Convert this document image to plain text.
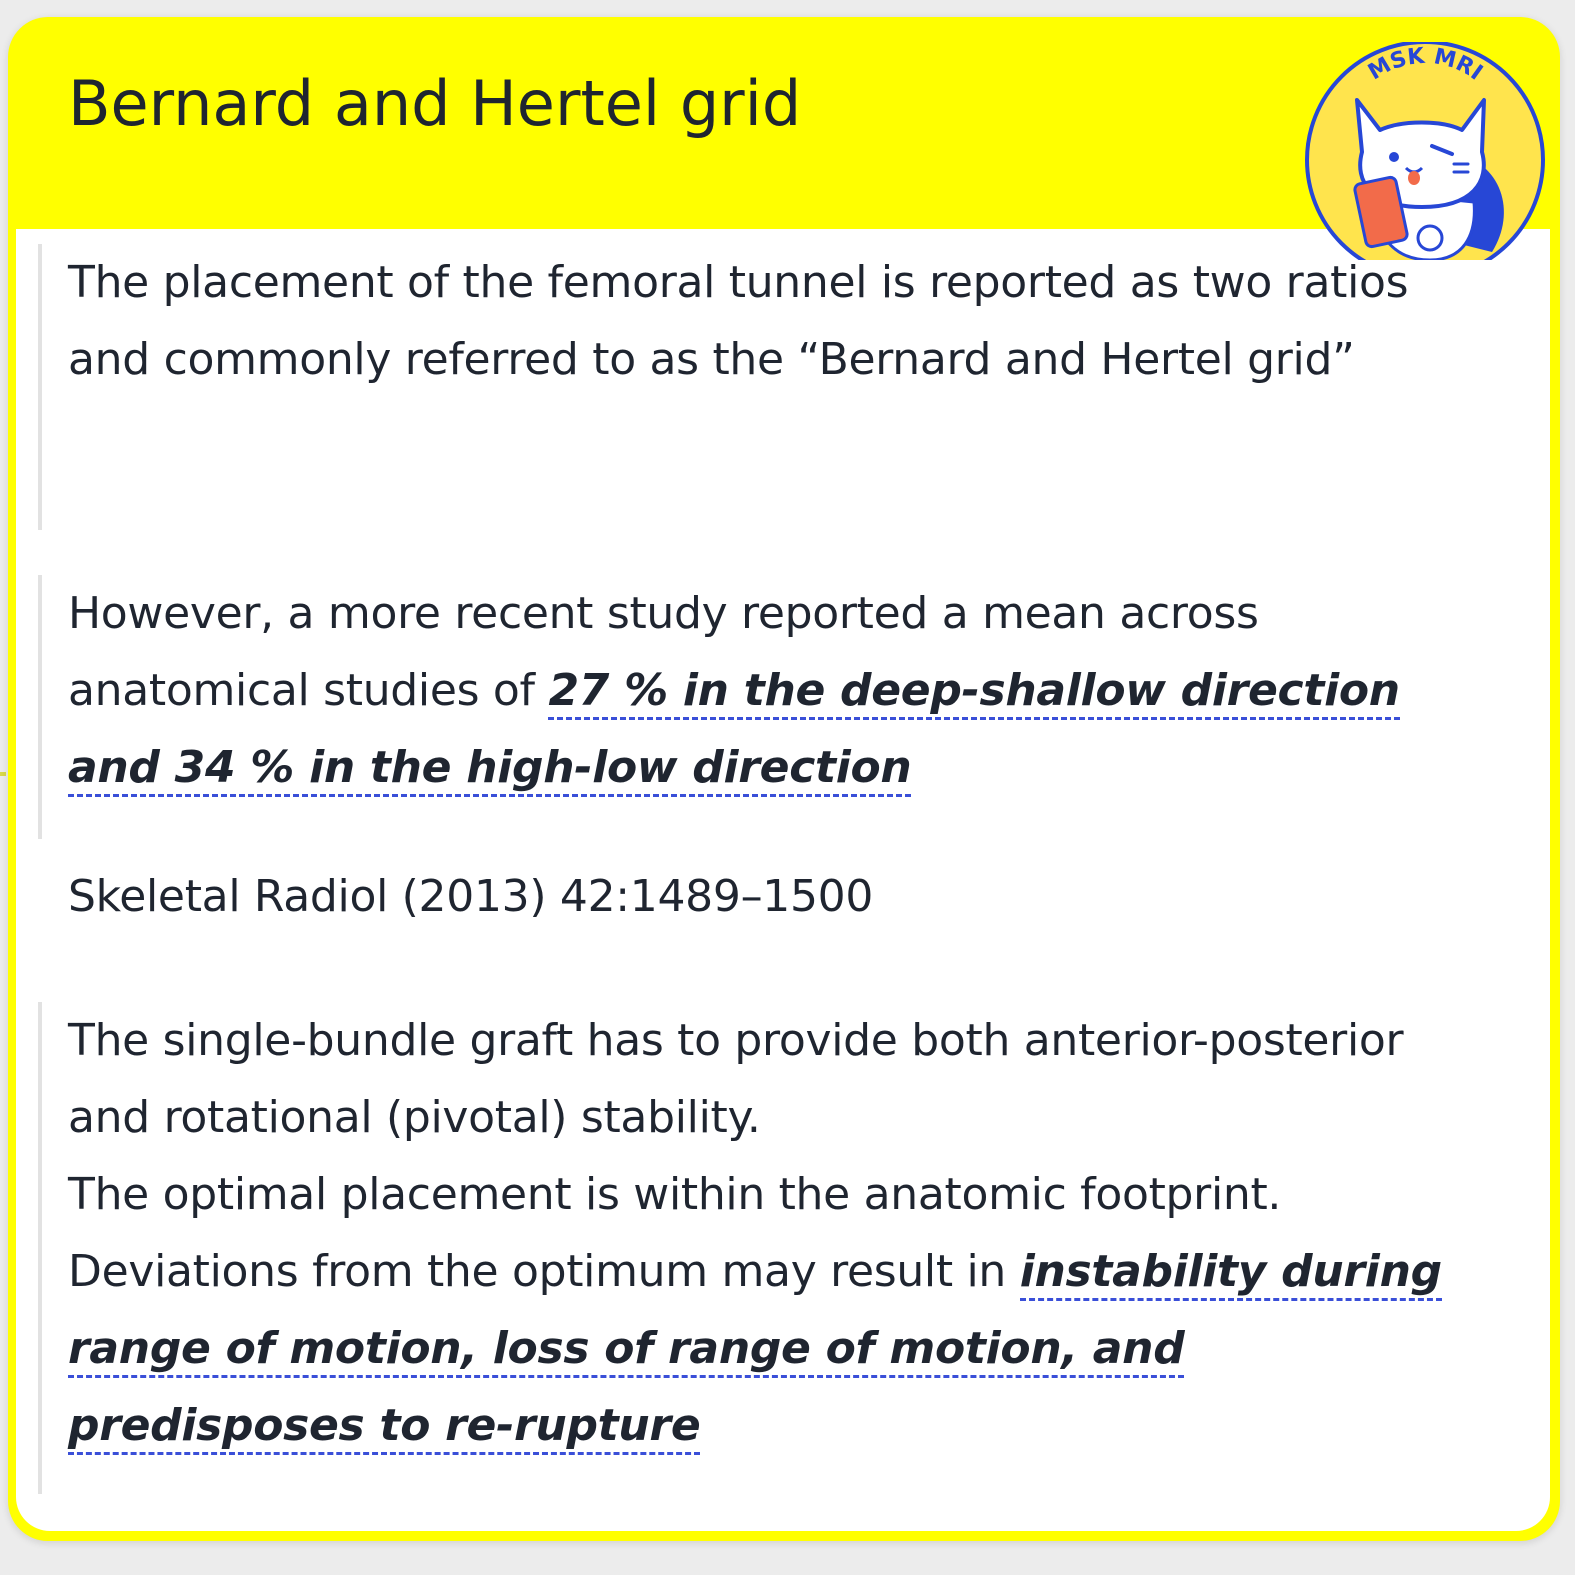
Bernard and Hertel grid	MSK MRI

The placement of the femoral tunnel is reported as two ratios and commonly referred to as the “Bernard and Hertel grid”

However, a more recent study reported a mean across anatomical studies of 27 % in the deep-shallow direction and 34 % in the high-low direction

Skeletal Radiol (2013) 42:1489–1500

The single-bundle graft has to provide both anterior-posterior and rotational (pivotal) stability.

The optimal placement is within the anatomic footprint.

Deviations from the optimum may result in instability during range of motion, loss of range of motion, and predisposes to re-rupture
